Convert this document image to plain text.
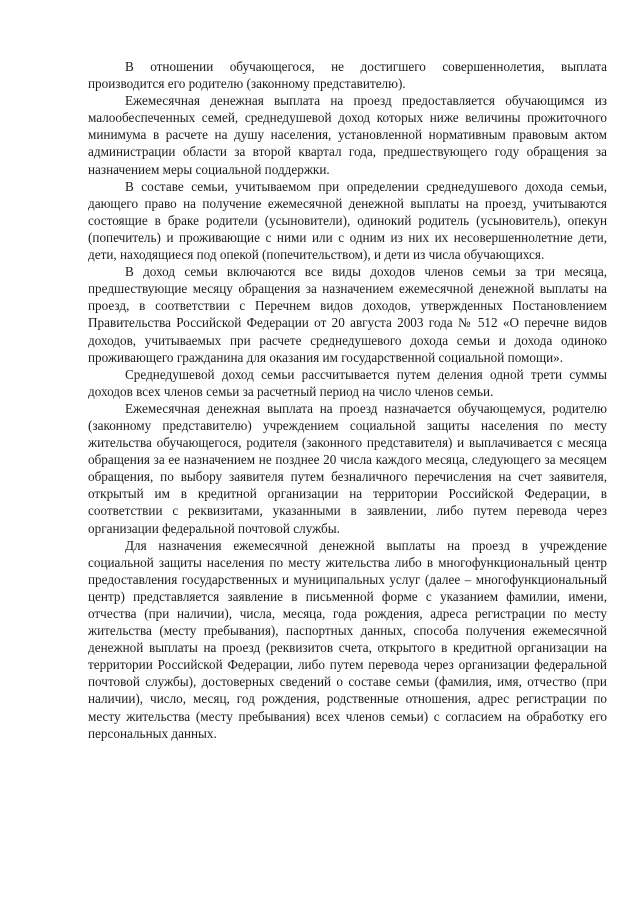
В отношении обучающегося, не достигшего совершеннолетия, выплата производится его родителю (законному представителю).

Ежемесячная денежная выплата на проезд предоставляется обучающимся из малообеспеченных семей, среднедушевой доход которых ниже величины прожиточного минимума в расчете на душу населения, установленной нормативным правовым актом администрации области за второй квартал года, предшествующего году обращения за назначением меры социальной поддержки.

В составе семьи, учитываемом при определении среднедушевого дохода семьи, дающего право на получение ежемесячной денежной выплаты на проезд, учитываются состоящие в браке родители (усыновители), одинокий родитель (усыновитель), опекун (попечитель) и проживающие с ними или с одним из них их несовершеннолетние дети, дети, находящиеся под опекой (попечительством), и дети из числа обучающихся.

В доход семьи включаются все виды доходов членов семьи за три месяца, предшествующие месяцу обращения за назначением ежемесячной денежной выплаты на проезд, в соответствии с Перечнем видов доходов, утвержденных Постановлением Правительства Российской Федерации от 20 августа 2003 года № 512 «О перечне видов доходов, учитываемых при расчете среднедушевого дохода семьи и дохода одиноко проживающего гражданина для оказания им государственной социальной помощи».

Среднедушевой доход семьи рассчитывается путем деления одной трети суммы доходов всех членов семьи за расчетный период на число членов семьи.

Ежемесячная денежная выплата на проезд назначается обучающемуся, родителю (законному представителю) учреждением социальной защиты населения по месту жительства обучающегося, родителя (законного представителя) и выплачивается с месяца обращения за ее назначением не позднее 20 числа каждого месяца, следующего за месяцем обращения, по выбору заявителя путем безналичного перечисления на счет заявителя, открытый им в кредитной организации на территории Российской Федерации, в соответствии с реквизитами, указанными в заявлении, либо путем перевода через организации федеральной почтовой службы.

Для назначения ежемесячной денежной выплаты на проезд в учреждение социальной защиты населения по месту жительства либо в многофункциональный центр предоставления государственных и муниципальных услуг (далее – многофункциональный центр) представляется заявление в письменной форме с указанием фамилии, имени, отчества (при наличии), числа, месяца, года рождения, адреса регистрации по месту жительства (месту пребывания), паспортных данных, способа получения ежемесячной денежной выплаты на проезд (реквизитов счета, открытого в кредитной организации на территории Российской Федерации, либо путем перевода через организации федеральной почтовой службы), достоверных сведений о составе семьи (фамилия, имя, отчество (при наличии), число, месяц, год рождения, родственные отношения, адрес регистрации по месту жительства (месту пребывания) всех членов семьи) с согласием на обработку его персональных данных.
